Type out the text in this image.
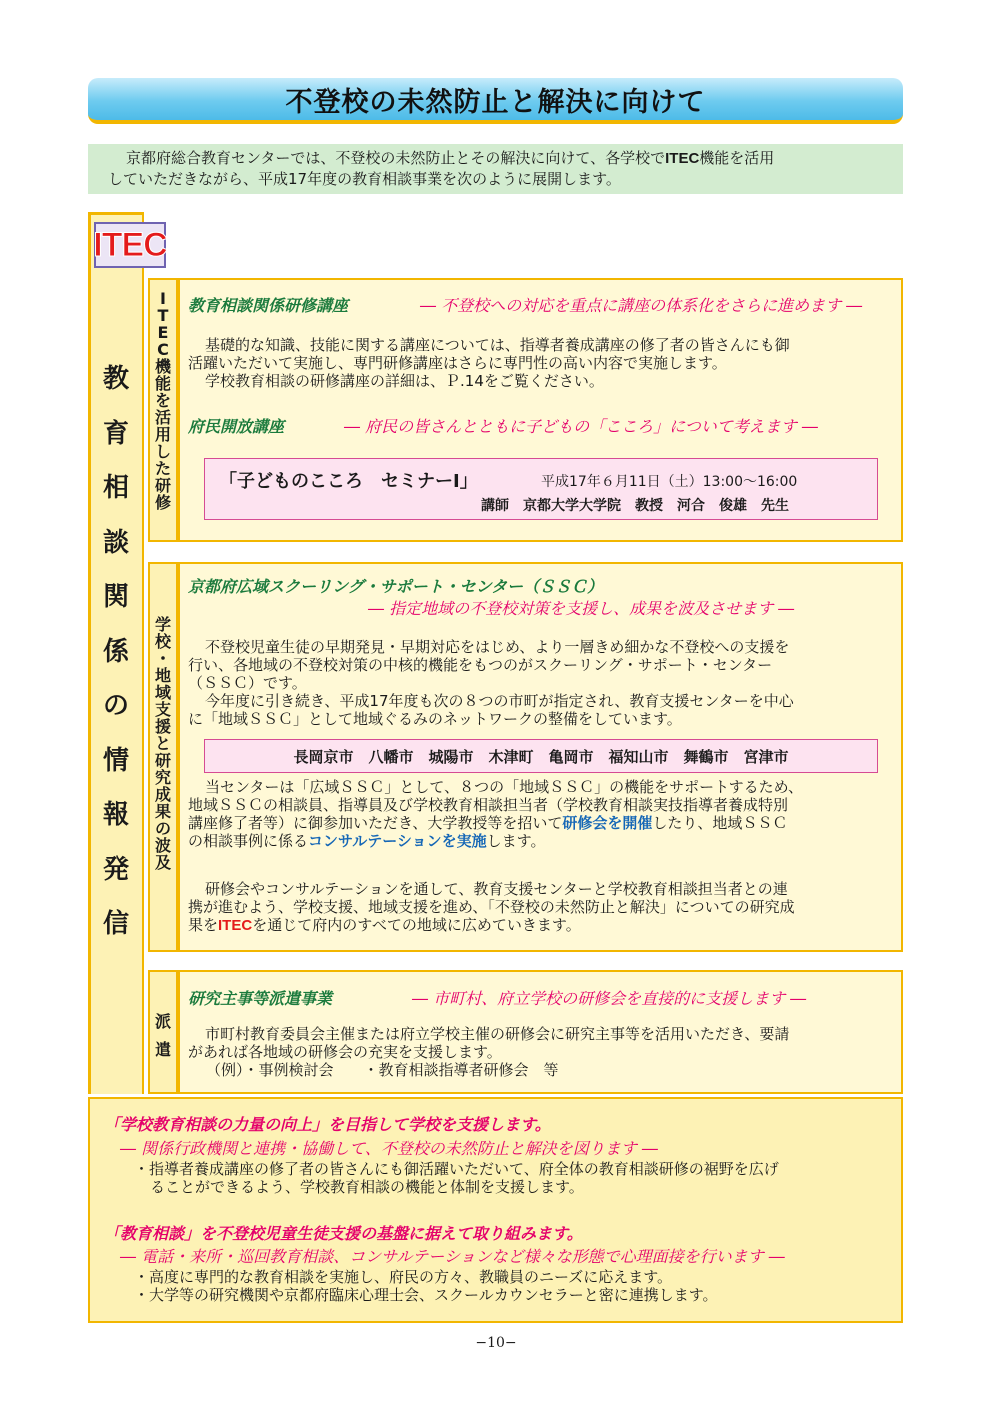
不登校の未然防止と解決に向けて

京都府総合教育センターでは、不登校の未然防止とその解決に向けて、各学校でITEC機能を活用

していただきながら、平成17年度の教育相談事業を次のように展開します。

ITEC
教
育
相
談
関
係
の
情
報
発
信
I
T
E
C
機
能
を
活
用
し
た
研
修
教育相談関係研修講座	― 不登校への対応を重点に講座の体系化をさらに進めます ―

基礎的な知識、技能に関する講座については、指導者養成講座の修了者の皆さんにも御

活躍いただいて実施し、専門研修講座はさらに専門性の高い内容で実施します。

学校教育相談の研修講座の詳細は、Ｐ.14をご覧ください。

府民開放講座	― 府民の皆さんとともに子どもの「こころ」について考えます ―
「子どものこころ　セミナーⅠ」	平成17年６月11日（土）13:00〜16:00
講師　京都大学大学院　教授　河合　俊雄　先生
学
校
・
地
域
支
援
と
研
究
成
果
の
波
及
京都府広域スクーリング・サポート・センター（ＳＳＣ）
― 指定地域の不登校対策を支援し、成果を波及させます ―

不登校児童生徒の早期発見・早期対応をはじめ、より一層きめ細かな不登校への支援を

行い、各地域の不登校対策の中核的機能をもつのがスクーリング・サポート・センター

（ＳＳＣ）です。

今年度に引き続き、平成17年度も次の８つの市町が指定され、教育支援センターを中心

に「地域ＳＳＣ」として地域ぐるみのネットワークの整備をしています。

長岡京市　八幡市　城陽市　木津町　亀岡市　福知山市　舞鶴市　宮津市

当センターは「広域ＳＳＣ」として、８つの「地域ＳＳＣ」の機能をサポートするため、

地域ＳＳＣの相談員、指導員及び学校教育相談担当者（学校教育相談実技指導者養成特別

講座修了者等）に御参加いただき、大学教授等を招いて研修会を開催したり、地域ＳＳＣ

の相談事例に係るコンサルテーションを実施します。

研修会やコンサルテーションを通して、教育支援センターと学校教育相談担当者との連

携が進むよう、学校支援、地域支援を進め、「不登校の未然防止と解決」についての研究成

果をITECを通じて府内のすべての地域に広めていきます。

派
遣
研究主事等派遣事業	― 市町村、府立学校の研修会を直接的に支援します ―

市町村教育委員会主催または府立学校主催の研修会に研究主事等を活用いただき、要請

があれば各地域の研修会の充実を支援します。

（例）・事例検討会　　・教育相談指導者研修会　等

「学校教育相談の力量の向上」を目指して学校を支援します。
― 関係行政機関と連携・協働して、不登校の未然防止と解決を図ります ―
・指導者養成講座の修了者の皆さんにも御活躍いただいて、府全体の教育相談研修の裾野を広げ
ることができるよう、学校教育相談の機能と体制を支援します。
「教育相談」を不登校児童生徒支援の基盤に据えて取り組みます。
― 電話・来所・巡回教育相談、コンサルテーションなど様々な形態で心理面接を行います ―
・高度に専門的な教育相談を実施し、府民の方々、教職員のニーズに応えます。
・大学等の研究機関や京都府臨床心理士会、スクールカウンセラーと密に連携します。
−10−
